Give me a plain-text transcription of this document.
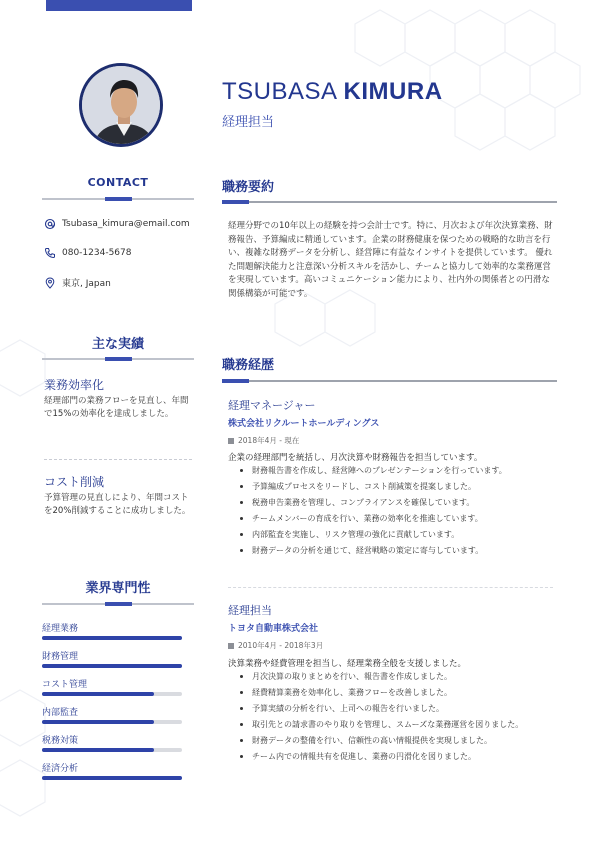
TSUBASA KIMURA
経理担当
CONTACT
Tsubasa_kimura@email.com
080-1234-5678
東京, Japan
主な実績
業務効率化
経理部門の業務フローを見直し、年間で15%の効率化を達成しました。
コスト削減
予算管理の見直しにより、年間コストを20%削減することに成功しました。
業界専門性
経理業務
財務管理
コスト管理
内部監査
税務対策
経済分析
職務要約
経理分野での10年以上の経験を持つ会計士です。特に、月次および年次決算業務、財務報告、予算編成に精通しています。企業の財務健康を保つための戦略的な助言を行い、複雑な財務データを分析し、経営陣に有益なインサイトを提供しています。 優れた問題解決能力と注意深い分析スキルを活かし、チームと協力して効率的な業務運営を実現しています。高いコミュニケーション能力により、社内外の関係者との円滑な関係構築が可能です。
職務経歴
経理マネージャー
株式会社リクルートホールディングス
2018年4月 - 現在
企業の経理部門を統括し、月次決算や財務報告を担当しています。
財務報告書を作成し、経営陣へのプレゼンテーションを行っています。
予算編成プロセスをリードし、コスト削減策を提案しました。
税務申告業務を管理し、コンプライアンスを確保しています。
チームメンバーの育成を行い、業務の効率化を推進しています。
内部監査を実施し、リスク管理の強化に貢献しています。
財務データの分析を通じて、経営戦略の策定に寄与しています。
経理担当
トヨタ自動車株式会社
2010年4月 - 2018年3月
決算業務や経費管理を担当し、経理業務全般を支援しました。
月次決算の取りまとめを行い、報告書を作成しました。
経費精算業務を効率化し、業務フローを改善しました。
予算実績の分析を行い、上司への報告を行いました。
取引先との請求書のやり取りを管理し、スムーズな業務運営を図りました。
財務データの整備を行い、信頼性の高い情報提供を実現しました。
チーム内での情報共有を促進し、業務の円滑化を図りました。
